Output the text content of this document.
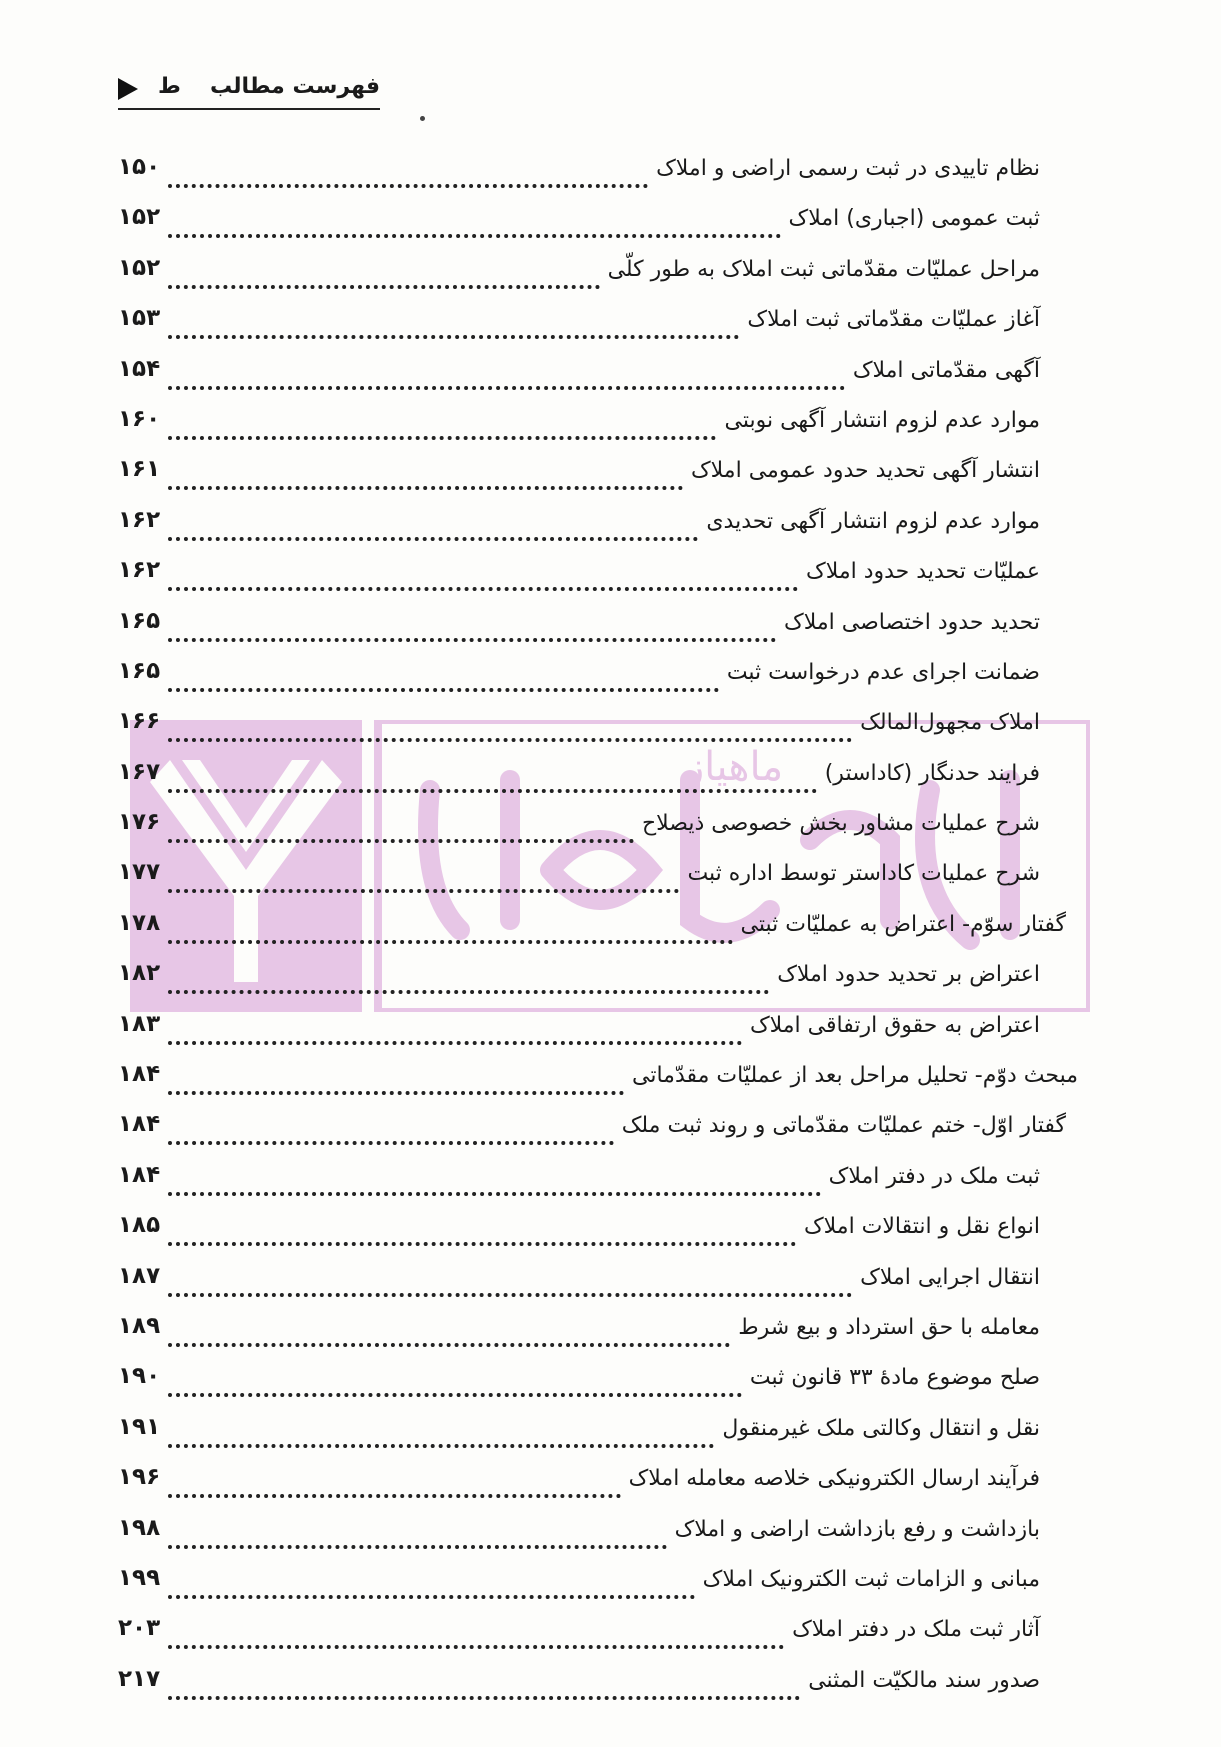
فهرست مطالب
ط
ماهیاز
نظام تاییدی در ثبت رسمی اراضی و املاک
۱۵۰
ثبت عمومی (اجباری) املاک
۱۵۲
مراحل عملیّات مقدّماتی ثبت املاک به طور کلّی
۱۵۲
آغاز عملیّات مقدّماتی ثبت املاک
۱۵۳
آگهی مقدّماتی املاک
۱۵۴
موارد عدم لزوم انتشار آگهی نوبتی
۱۶۰
انتشار آگهی تحدید حدود عمومی املاک
۱۶۱
موارد عدم لزوم انتشار آگهی تحدیدی
۱۶۲
عملیّات تحدید حدود املاک
۱۶۲
تحدید حدود اختصاصی املاک
۱۶۵
ضمانت اجرای عدم درخواست ثبت
۱۶۵
املاک مجهول‌المالک
۱۶۶
فرایند حدنگار (کاداستر)
۱۶۷
شرح عملیات مشاور بخش خصوصی ذیصلاح
۱۷۶
شرح عملیات کاداستر توسط اداره ثبت
۱۷۷
گفتار سوّم- اعتراض به عملیّات ثبتی
۱۷۸
اعتراض بر تحدید حدود املاک
۱۸۲
اعتراض به حقوق ارتفاقی املاک
۱۸۳
مبحث دوّم- تحلیل مراحل بعد از عملیّات مقدّماتی
۱۸۴
گفتار اوّل- ختم عملیّات مقدّماتی و روند ثبت ملک
۱۸۴
ثبت ملک در دفتر املاک
۱۸۴
انواع نقل و انتقالات املاک
۱۸۵
انتقال اجرایی املاک
۱۸۷
معامله با حق استرداد و بیع شرط
۱۸۹
صلح موضوع مادهٔ ۳۳ قانون ثبت
۱۹۰
نقل و انتقال وکالتی ملک غیرمنقول
۱۹۱
فرآیند ارسال الکترونیکی خلاصه معامله املاک
۱۹۶
بازداشت و رفع بازداشت اراضی و املاک
۱۹۸
مبانی و الزامات ثبت الکترونیک املاک
۱۹۹
آثار ثبت ملک در دفتر املاک
۲۰۳
صدور سند مالکیّت المثنی
۲۱۷
